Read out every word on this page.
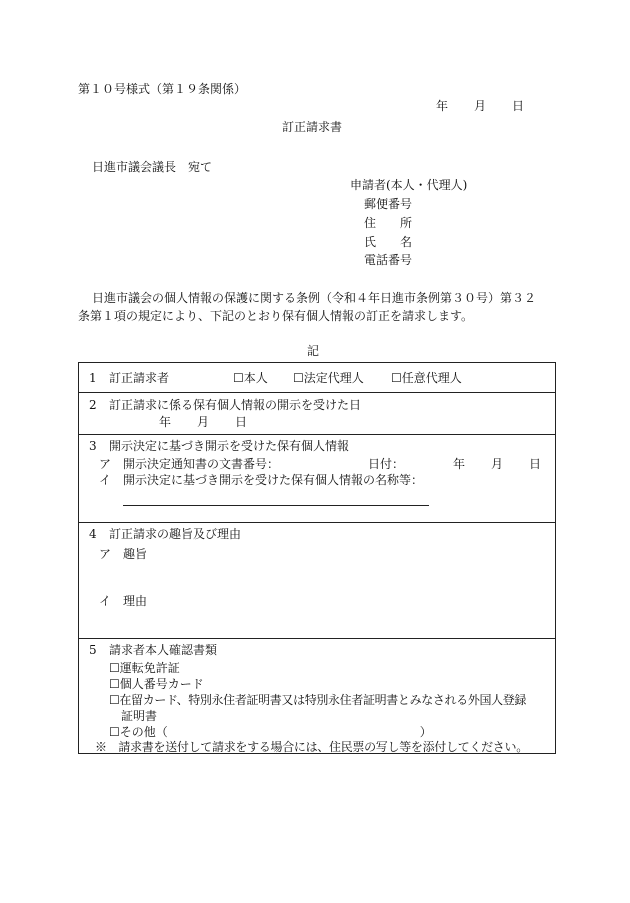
第１０号様式（第１９条関係）
年 月 日
訂正請求書
日進市議会議長　宛て
申請者(本人・代理人)
郵便番号
住　　所
氏　　名
電話番号
日進市議会の個人情報の保護に関する条例（令和４年日進市条例第３０号）第３２
条第１項の規定により、下記のとおり保有個人情報の訂正を請求します。
記
1 訂正請求者	☐本人 ☐法定代理人 ☐任意代理人
2 訂正請求に係る保有個人情報の開示を受けた日
年 月 日
3 開示決定に基づき開示を受けた保有個人情報
ア 開示決定通知書の文書番号：	日付：	年 月 日
イ 開示決定に基づき開示を受けた保有個人情報の名称等：
4 訂正請求の趣旨及び理由
ア 趣旨
イ 理由
5 請求者本人確認書類
☐運転免許証
☐個人番号カード
☐在留カード、特別永住者証明書又は特別永住者証明書とみなされる外国人登録
証明書
☐その他（　　　　　　　　　　　　　　　　　　　　　）
※　請求書を送付して請求をする場合には、住民票の写し等を添付してください。
